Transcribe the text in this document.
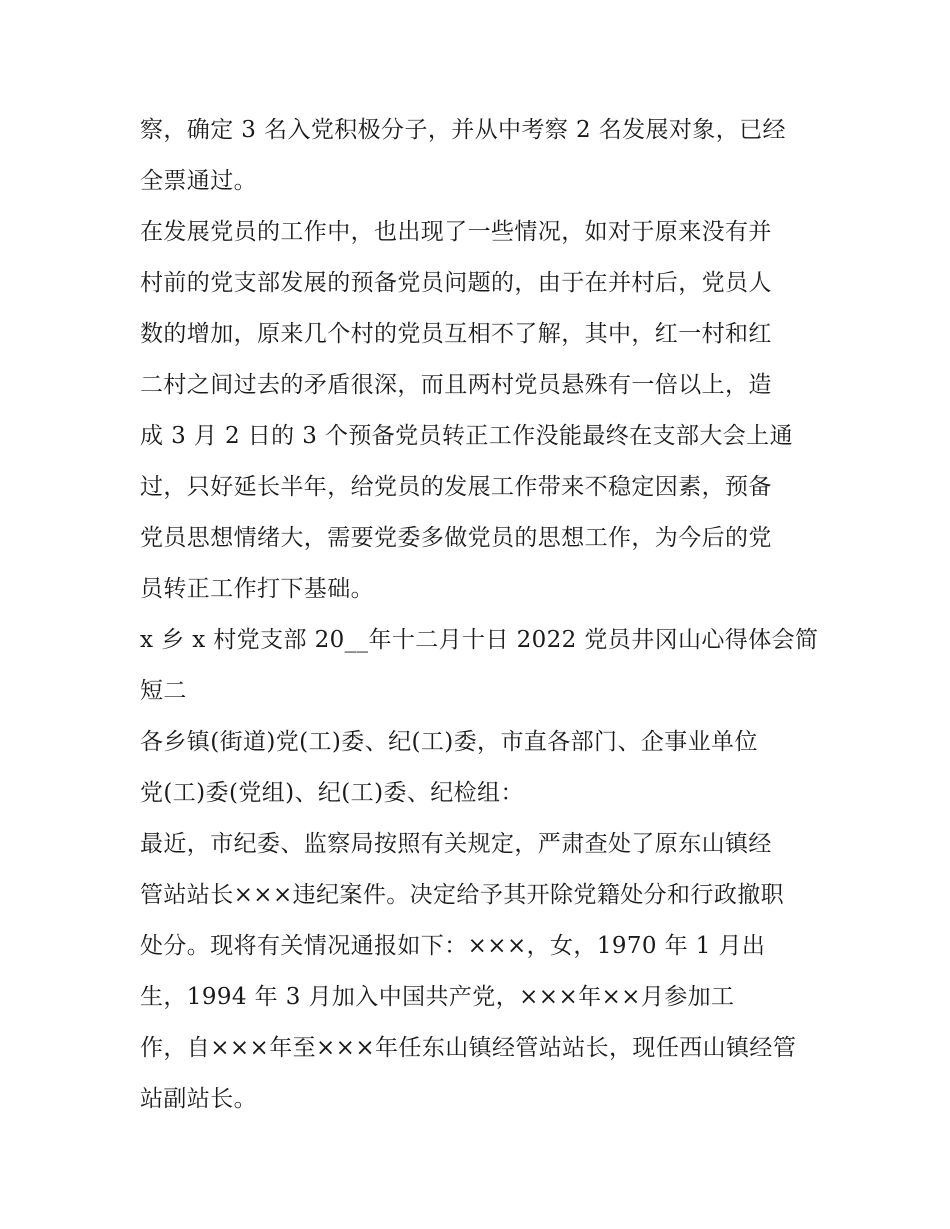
察，确定 3 名入党积极分子，并从中考察 2 名发展对象，已经
全票通过。
在发展党员的工作中，也出现了一些情况，如对于原来没有并
村前的党支部发展的预备党员问题的，由于在并村后，党员人
数的增加，原来几个村的党员互相不了解，其中，红一村和红
二村之间过去的矛盾很深，而且两村党员悬殊有一倍以上，造
成 3 月 2 日的 3 个预备党员转正工作没能最终在支部大会上通
过，只好延长半年，给党员的发展工作带来不稳定因素，预备
党员思想情绪大，需要党委多做党员的思想工作，为今后的党
员转正工作打下基础。
x 乡 x 村党支部 20__年十二月十日 2022 党员井冈山心得体会简
短二
各乡镇(街道)党(工)委、纪(工)委，市直各部门、企事业单位
党(工)委(党组)、纪(工)委、纪检组：
最近，市纪委、监察局按照有关规定，严肃查处了原东山镇经
管站站长×××违纪案件。决定给予其开除党籍处分和行政撤职
处分。现将有关情况通报如下：×××，女，1970 年 1 月出
生，1994 年 3 月加入中国共产党，×××年××月参加工
作，自×××年至×××年任东山镇经管站站长，现任西山镇经管
站副站长。
